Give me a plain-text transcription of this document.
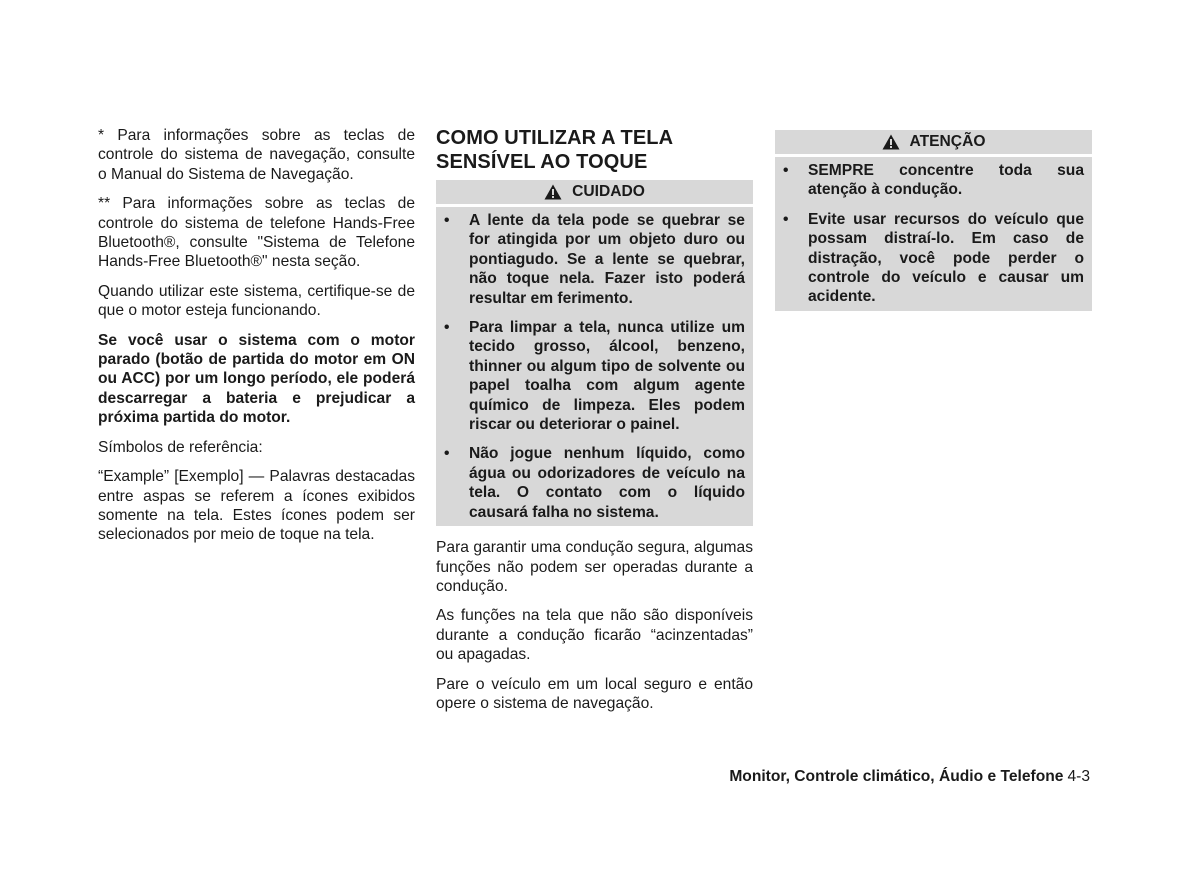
* Para informações sobre as teclas de controle do sistema de navegação, consulte o Manual do Sistema de Navegação.

** Para informações sobre as teclas de controle do sistema de telefone Hands-Free Bluetooth®, consulte "Sistema de Telefone Hands-Free Bluetooth®" nesta seção.

Quando utilizar este sistema, certifique-se de que o motor esteja funcionando.

Se você usar o sistema com o motor parado (botão de partida do motor em ON ou ACC) por um longo período, ele poderá descarregar a bateria e prejudicar a próxima partida do motor.

Símbolos de referência:

“Example” [Exemplo] — Palavras destacadas entre aspas se referem a ícones exibidos somente na tela. Estes ícones podem ser selecionados por meio de toque na tela.

COMO UTILIZAR A TELA SENSÍVEL AO TOQUE
CUIDADO
• A lente da tela pode se quebrar se for atingida por um objeto duro ou pontiagudo. Se a lente se quebrar, não toque nela. Fazer isto poderá resultar em ferimento.
• Para limpar a tela, nunca utilize um tecido grosso, álcool, benzeno, thinner ou algum tipo de solvente ou papel toalha com algum agente químico de limpeza. Eles podem riscar ou deteriorar o painel.
• Não jogue nenhum líquido, como água ou odorizadores de veículo na tela. O contato com o líquido causará falha no sistema.

Para garantir uma condução segura, algumas funções não podem ser operadas durante a condução.

As funções na tela que não são disponíveis durante a condução ficarão “acinzentadas” ou apagadas.

Pare o veículo em um local seguro e então opere o sistema de navegação.

ATENÇÃO
• SEMPRE concentre toda sua atenção à condução.
• Evite usar recursos do veículo que possam distraí-lo. Em caso de distração, você pode perder o controle do veículo e causar um acidente.
Monitor, Controle climático, Áudio e Telefone 4-3
